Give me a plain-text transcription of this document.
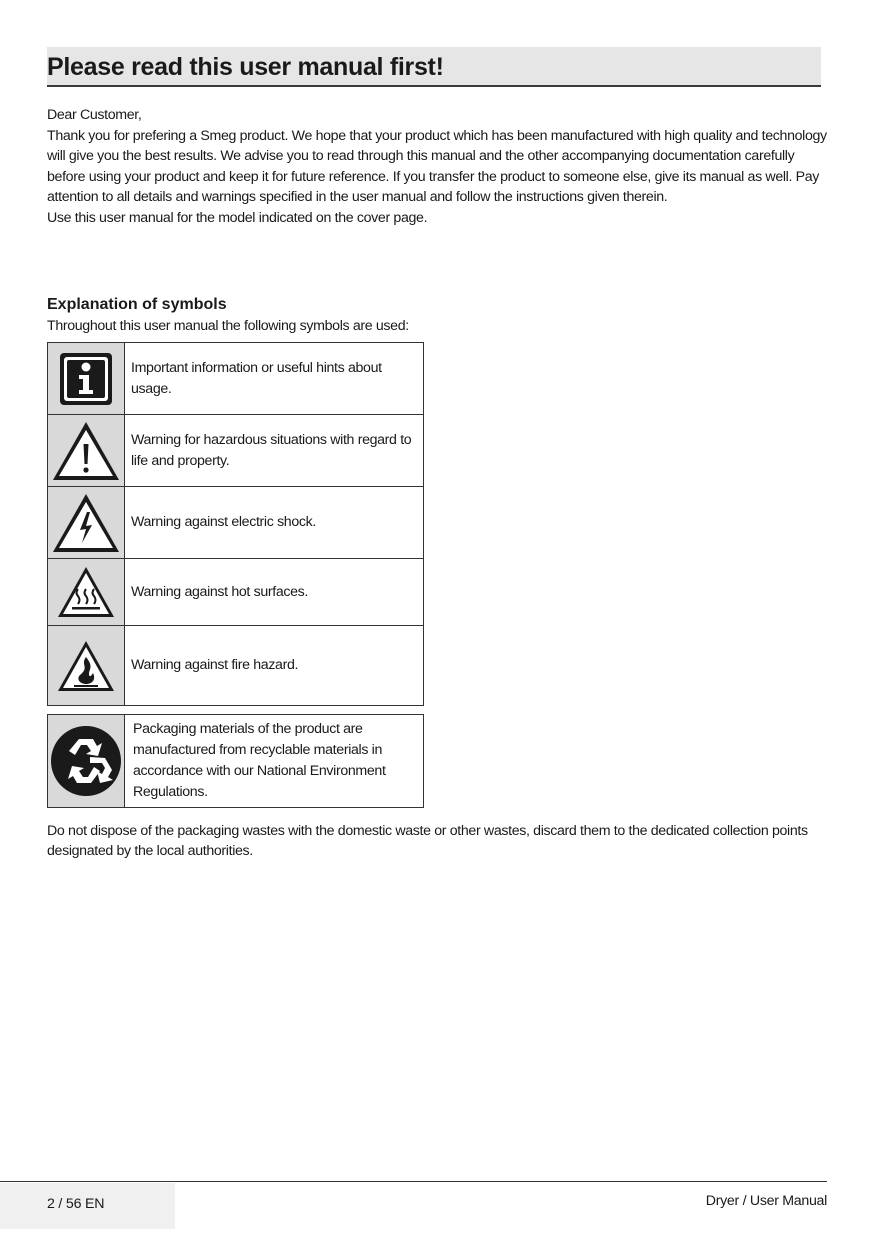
Please read this user manual first!

Dear Customer,

Thank you for prefering a Smeg product. We hope that your product which has been manufactured with high quality and technology will give you the best results. We advise you to read through this manual and the other accompanying documentation carefully before using your product and keep it for future reference. If you transfer the product to someone else, give its manual as well. Pay attention to all details and warnings specified in the user manual and follow the instructions given therein.

Use this user manual for the model indicated on the cover page.

Explanation of symbols

Throughout this user manual the following symbols are used:

	Important information or useful hints about usage.

	Warning for hazardous situations with regard to life and property.

	Warning against electric shock.

	Warning against hot surfaces.

	Warning against fire hazard.
	Packaging materials of the product are manufactured from recyclable materials in accordance with our National Environment Regulations.

Do not dispose of the packaging wastes with the domestic waste or other wastes, discard them to the dedicated collection points designated by the local authorities.

2 / 56 EN	Dryer / User Manual
